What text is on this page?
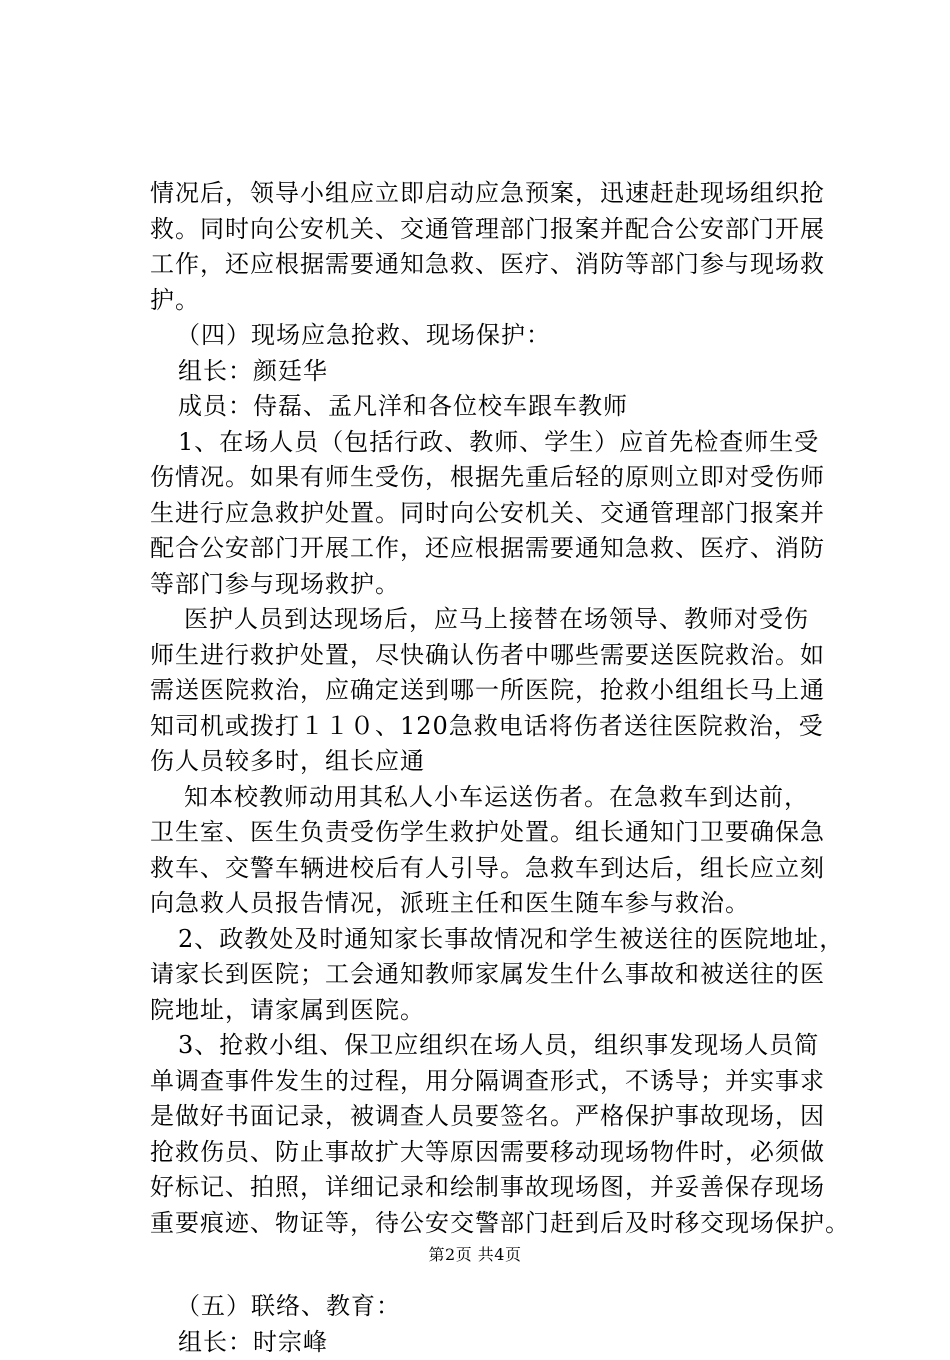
情况后，领导小组应立即启动应急预案，迅速赶赴现场组织抢
救。同时向公安机关、交通管理部门报案并配合公安部门开展
工作，还应根据需要通知急救、医疗、消防等部门参与现场救
护。
（四）现场应急抢救、现场保护：
组长：颜廷华
成员：侍磊、孟凡洋和各位校车跟车教师
1、在场人员（包括行政、教师、学生）应首先检查师生受
伤情况。如果有师生受伤，根据先重后轻的原则立即对受伤师
生进行应急救护处置。同时向公安机关、交通管理部门报案并
配合公安部门开展工作，还应根据需要通知急救、医疗、消防
等部门参与现场救护。
医护人员到达现场后，应马上接替在场领导、教师对受伤
师生进行救护处置，尽快确认伤者中哪些需要送医院救治。如
需送医院救治，应确定送到哪一所医院，抢救小组组长马上通
知司机或拨打１１０、120急救电话将伤者送往医院救治，受
伤人员较多时，组长应通
知本校教师动用其私人小车运送伤者。在急救车到达前，
卫生室、医生负责受伤学生救护处置。组长通知门卫要确保急
救车、交警车辆进校后有人引导。急救车到达后，组长应立刻
向急救人员报告情况，派班主任和医生随车参与救治。
2、政教处及时通知家长事故情况和学生被送往的医院地址，
请家长到医院；工会通知教师家属发生什么事故和被送往的医
院地址，请家属到医院。
3、抢救小组、保卫应组织在场人员，组织事发现场人员简
单调查事件发生的过程，用分隔调查形式，不诱导；并实事求
是做好书面记录，被调查人员要签名。严格保护事故现场，因
抢救伤员、防止事故扩大等原因需要移动现场物件时，必须做
好标记、拍照，详细记录和绘制事故现场图，并妥善保存现场
重要痕迹、物证等，待公安交警部门赶到后及时移交现场保护。
（五）联络、教育：
组长：时宗峰
第2页 共4页
